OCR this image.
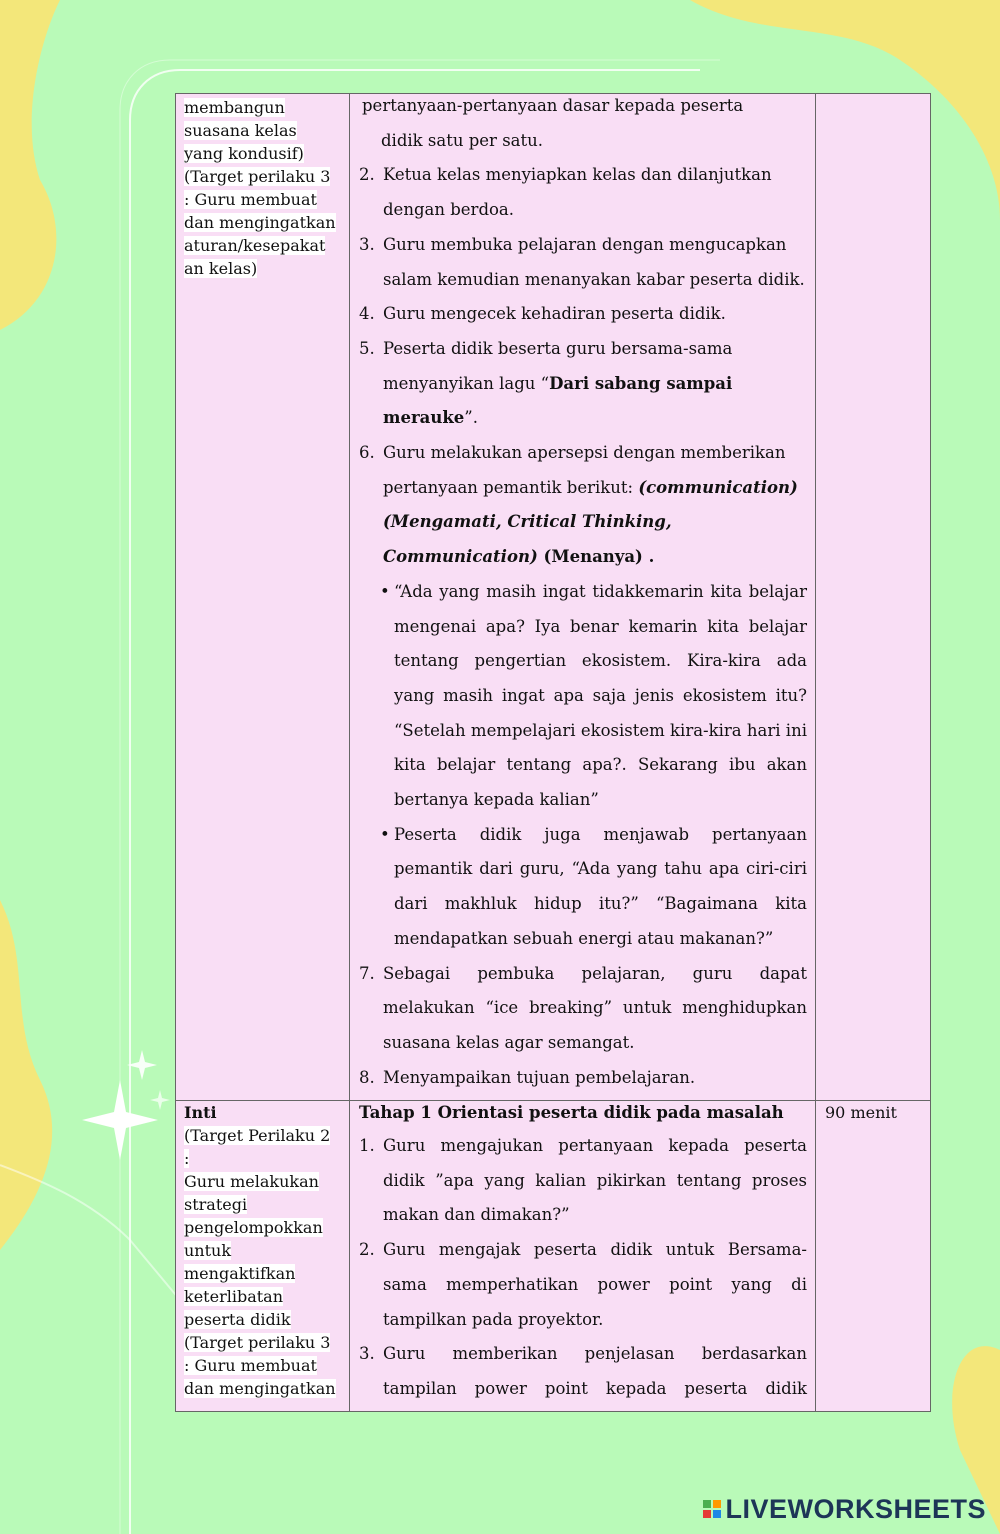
membangun
suasana kelas
yang kondusif)
(Target perilaku 3
: Guru membuat
dan mengingatkan
aturan/kesepakat
an kelas)
pertanyaan-pertanyaan dasar kepada peserta
didik satu per satu.
2. Ketua kelas menyiapkan kelas dan dilanjutkan dengan berdoa.
3. Guru membuka pelajaran dengan mengucapkan salam kemudian menanyakan kabar peserta didik.
4. Guru mengecek kehadiran peserta didik.
5. Peserta didik beserta guru bersama-sama menyanyikan lagu “Dari sabang sampai merauke”.
6. Guru melakukan apersepsi dengan memberikan pertanyaan pemantik berikut: (communication) (Mengamati, Critical Thinking, Communication) (Menanya) .
• “Ada yang masih ingat tidakkemarin kita belajar mengenai apa? Iya benar kemarin kita belajar tentang pengertian ekosistem. Kira-kira ada yang masih ingat apa saja jenis ekosistem itu? “Setelah mempelajari ekosistem kira-kira hari ini kita belajar tentang apa?. Sekarang ibu akan bertanya kepada kalian”
• Peserta didik juga menjawab pertanyaan pemantik dari guru, “Ada yang tahu apa ciri-ciri dari makhluk hidup itu?” “Bagaimana kita mendapatkan sebuah energi atau makanan?”
7. Sebagai pembuka pelajaran, guru dapat melakukan “ice breaking” untuk menghidupkan suasana kelas agar semangat.
8. Menyampaikan tujuan pembelajaran.
Inti
(Target Perilaku 2
:
Guru melakukan
strategi
pengelompokkan
untuk
mengaktifkan
keterlibatan
peserta didik
(Target perilaku 3
: Guru membuat
dan mengingatkan
Tahap 1 Orientasi peserta didik pada masalah
1. Guru mengajukan pertanyaan kepada peserta didik ”apa yang kalian pikirkan tentang proses makan dan dimakan?”
2. Guru mengajak peserta didik untuk Bersama-sama memperhatikan power point yang di tampilkan pada proyektor.
3. Guru memberikan penjelasan berdasarkan tampilan power point kepada peserta didik
90 menit
LIVEWORKSHEETS
